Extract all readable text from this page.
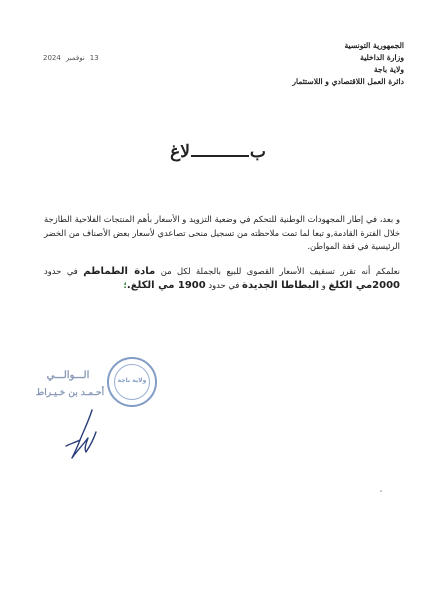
الجمهورية التونسية
وزارة الداخلية
ولاية باجة
دائرة العمل اللاقتصادي و اللاستثمار
13نوفمبر2024
بلاغ
و بعد، في إطار المجهودات الوطنية للتحكم في وضعية التزويد و الأسعار بأهم المنتجات الفلاحية الطازجة خلال الفترة القادمة,و تبعا لما تمت ملاحظته من تسجيل منحى تصاعدي لأسعار بعض الأصناف من الخضر الرئيسية في قفة المواطن.
نعلمكم أنه تقرر تسقيف الأسعار القصوى للبيع بالجملة لكل من مادة الطماطم في حدود 2000مي الكلغ و البطاطا الجديدة في حدود 1900 مي الكلغ.؛
ولاية باجة
الـــوالـــي
أحـمـد بن خـيـراط
